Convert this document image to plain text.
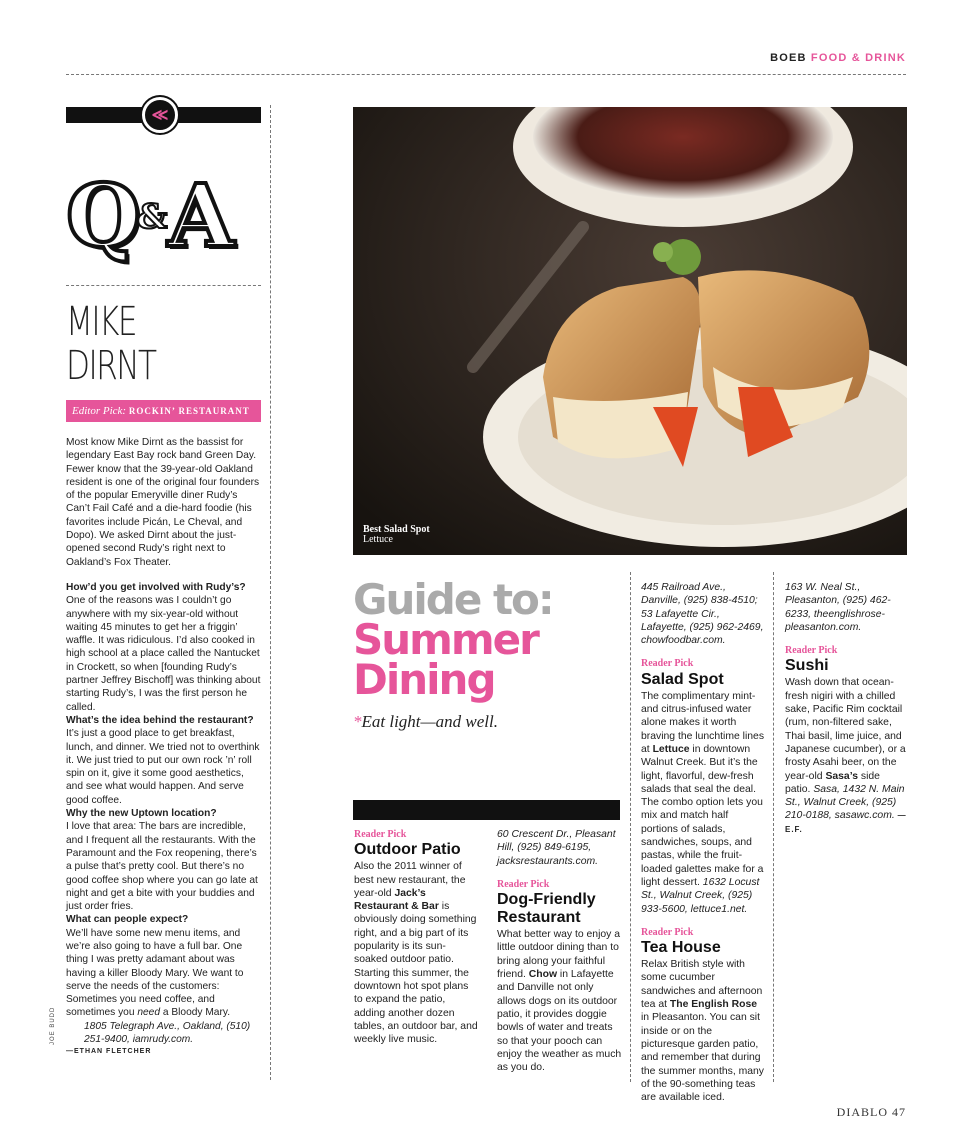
BOEB FOOD & DRINK
≪
Q&A
MIKE
DIRNT
Editor Pick: ROCKIN’ RESTAURANT

Most know Mike Dirnt as the bassist for legendary East Bay rock band Green Day. Fewer know that the 39-year-old Oakland resident is one of the original four founders of the popular Emeryville diner Rudy’s Can’t Fail Café and a die-hard foodie (his favorites include Picán, Le Cheval, and Dopo). We asked Dirnt about the just-opened second Rudy’s right next to Oakland’s Fox Theater.

How’d you get involved with Rudy’s?
One of the reasons was I couldn’t go anywhere with my six-year-old without waiting 45 minutes to get her a friggin’ waffle. It was ridiculous. I’d also cooked in high school at a place called the Nantucket in Crockett, so when [founding Rudy’s partner Jeffrey Bischoff] was thinking about starting Rudy’s, I was the first person he called.
What’s the idea behind the restaurant?
It’s just a good place to get breakfast, lunch, and dinner. We tried not to overthink it. We just tried to put our own rock ’n’ roll spin on it, give it some good aesthetics, and see what would happen. And serve good coffee.
Why the new Uptown location?
I love that area: The bars are incredible, and I frequent all the restaurants. With the Paramount and the Fox reopening, there’s a pulse that’s pretty cool. But there’s no good coffee shop where you can go late at night and get a bite with your buddies and just order fries.
What can people expect?
We’ll have some new menu items, and we’re also going to have a full bar. One thing I was pretty adamant about was having a killer Bloody Mary. We want to serve the needs of the customers: Sometimes you need coffee, and sometimes you need a Bloody Mary.
1805 Telegraph Ave., Oakland, (510) 251-9400, iamrudy.com.
—ETHAN FLETCHER
JOE BUDD
Best Salad Spot
Lettuce
Guide to:
Summer
Dining
*Eat light—and well.
Reader Pick
Outdoor Patio
Also the 2011 winner of best new restaurant, the year-old Jack’s Restaurant & Bar is obviously doing something right, and a big part of its popularity is its sun-soaked outdoor patio. Starting this summer, the downtown hot spot plans to expand the patio, adding another dozen tables, an outdoor bar, and weekly live music.
60 Crescent Dr., Pleasant Hill, (925) 849-6195, jacksrestaurants.com.
Reader Pick
Dog-Friendly Restaurant
What better way to enjoy a little outdoor dining than to bring along your faithful friend. Chow in Lafayette and Danville not only allows dogs on its outdoor patio, it provides doggie bowls of water and treats so that your pooch can enjoy the weather as much as you do.
445 Railroad Ave., Danville, (925) 838-4510; 53 Lafayette Cir., Lafayette, (925) 962-2469, chowfoodbar.com.
Reader Pick
Salad Spot
The complimentary mint- and citrus-infused water alone makes it worth braving the lunchtime lines at Lettuce in downtown Walnut Creek. But it’s the light, flavorful, dew-fresh salads that seal the deal. The combo option lets you mix and match half portions of salads, sandwiches, soups, and pastas, while the fruit-loaded galettes make for a light dessert. 1632 Locust St., Walnut Creek, (925) 933-5600, lettuce1.net.
Reader Pick
Tea House
Relax British style with some cucumber sandwiches and afternoon tea at The English Rose in Pleasanton. You can sit inside or on the picturesque garden patio, and remember that during the summer months, many of the 90-something teas are available iced.
163 W. Neal St., Pleasanton, (925) 462-6233, theenglishrose-pleasanton.com.
Reader Pick
Sushi
Wash down that ocean-fresh nigiri with a chilled sake, Pacific Rim cocktail (rum, non-filtered sake, Thai basil, lime juice, and Japanese cucumber), or a frosty Asahi beer, on the year-old Sasa’s side patio. Sasa, 1432 N. Main St., Walnut Creek, (925) 210-0188, sasawc.com. —E.F.
DIABLO 47
